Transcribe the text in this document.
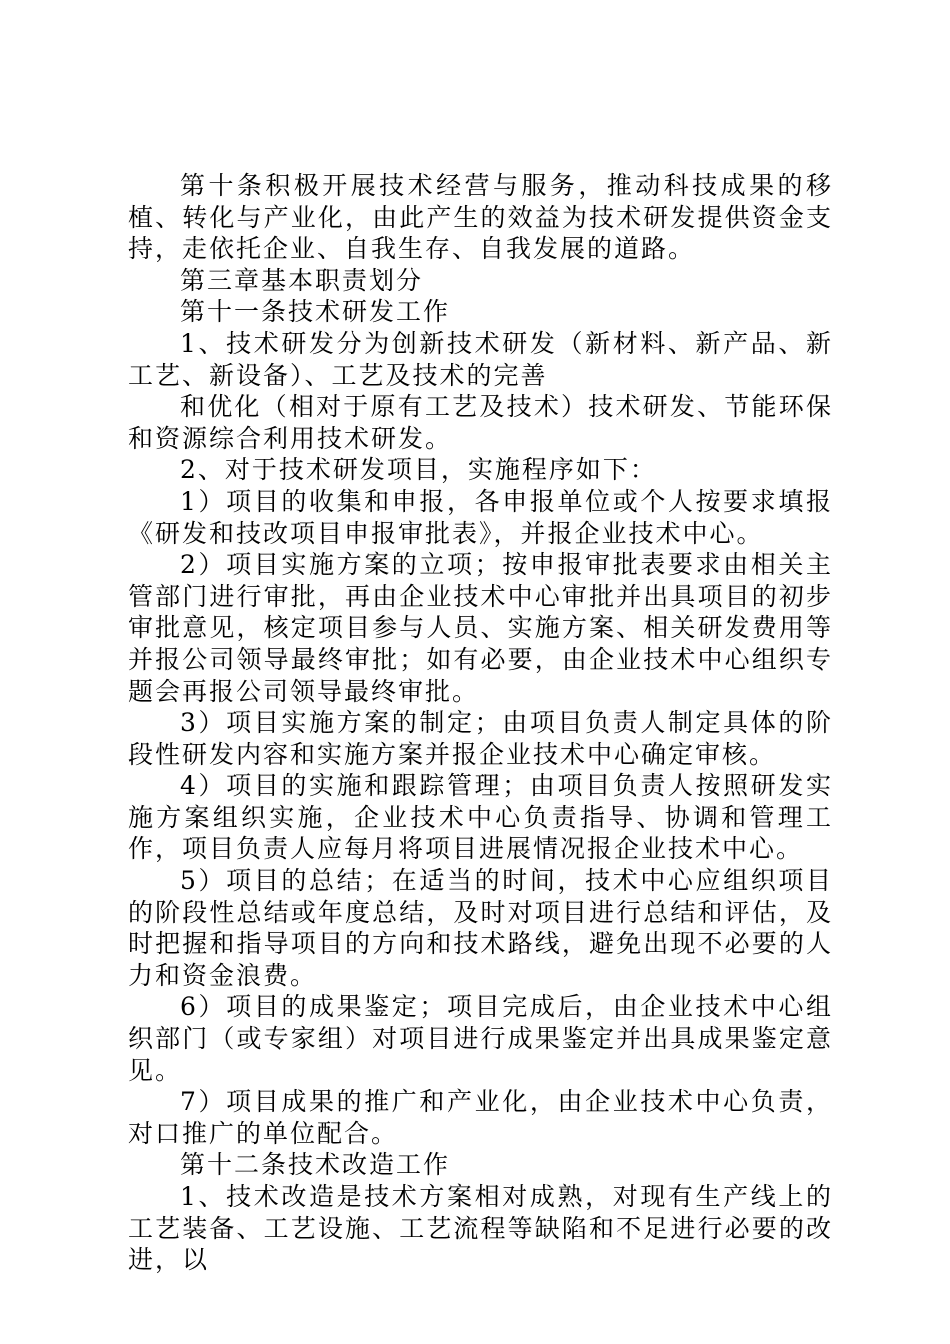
第十条积极开展技术经营与服务，推动科技成果的移植、转化与产业化，由此产生的效益为技术研发提供资金支持，走依托企业、自我生存、自我发展的道路。

第三章基本职责划分

第十一条技术研发工作

1、技术研发分为创新技术研发（新材料、新产品、新工艺、新设备）、工艺及技术的完善

和优化（相对于原有工艺及技术）技术研发、节能环保和资源综合利用技术研发。

2、对于技术研发项目，实施程序如下：

1）项目的收集和申报，各申报单位或个人按要求填报《研发和技改项目申报审批表》，并报企业技术中心。

2）项目实施方案的立项；按申报审批表要求由相关主管部门进行审批，再由企业技术中心审批并出具项目的初步审批意见，核定项目参与人员、实施方案、相关研发费用等并报公司领导最终审批；如有必要，由企业技术中心组织专题会再报公司领导最终审批。

3）项目实施方案的制定；由项目负责人制定具体的阶段性研发内容和实施方案并报企业技术中心确定审核。

4）项目的实施和跟踪管理；由项目负责人按照研发实施方案组织实施，企业技术中心负责指导、协调和管理工作，项目负责人应每月将项目进展情况报企业技术中心。

5）项目的总结；在适当的时间，技术中心应组织项目的阶段性总结或年度总结，及时对项目进行总结和评估，及时把握和指导项目的方向和技术路线，避免出现不必要的人力和资金浪费。

6）项目的成果鉴定；项目完成后，由企业技术中心组织部门（或专家组）对项目进行成果鉴定并出具成果鉴定意见。

7）项目成果的推广和产业化，由企业技术中心负责，对口推广的单位配合。

第十二条技术改造工作

1、技术改造是技术方案相对成熟，对现有生产线上的工艺装备、工艺设施、工艺流程等缺陷和不足进行必要的改进，以
